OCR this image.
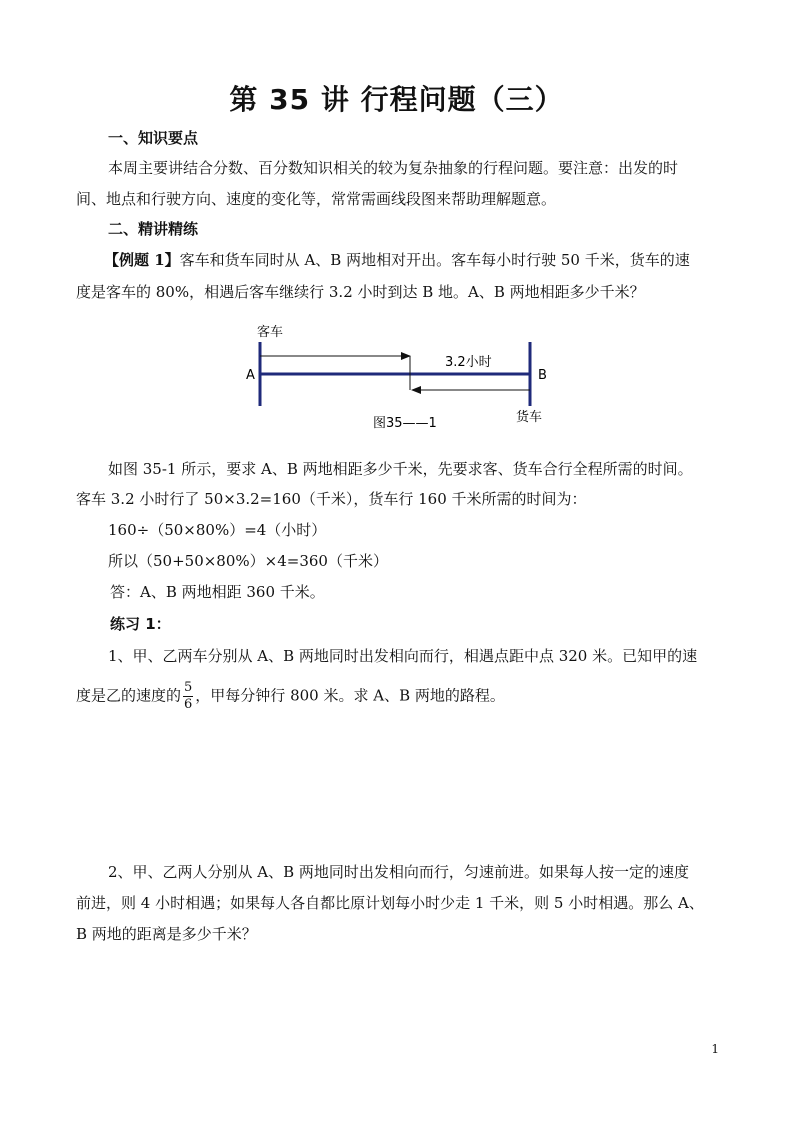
第 35 讲 行程问题（三）
一、知识要点
本周主要讲结合分数、百分数知识相关的较为复杂抽象的行程问题。要注意：出发的时
间、地点和行驶方向、速度的变化等，常常需画线段图来帮助理解题意。
二、精讲精练
【例题 1】客车和货车同时从 A、B 两地相对开出。客车每小时行驶 50 千米，货车的速
度是客车的 80%，相遇后客车继续行 3.2 小时到达 B 地。A、B 两地相距多少千米？
客车
3.2小时
A	B
图35——1	货车
如图 35-1 所示，要求 A、B 两地相距多少千米，先要求客、货车合行全程所需的时间。
客车 3.2 小时行了 50×3.2=160（千米），货车行 160 千米所需的时间为：
160÷（50×80%）=4（小时）
所以（50+50×80%）×4=360（千米）
答：A、B 两地相距 360 千米。
练习 1：
1、甲、乙两车分别从 A、B 两地同时出发相向而行，相遇点距中点 320 米。已知甲的速
度是乙的速度的 $\frac{5}{6}$ ，甲每分钟行 800 米。求 A、B 两地的路程。
2、甲、乙两人分别从 A、B 两地同时出发相向而行，匀速前进。如果每人按一定的速度
前进，则 4 小时相遇；如果每人各自都比原计划每小时少走 1 千米，则 5 小时相遇。那么 A、
B 两地的距离是多少千米？
1
